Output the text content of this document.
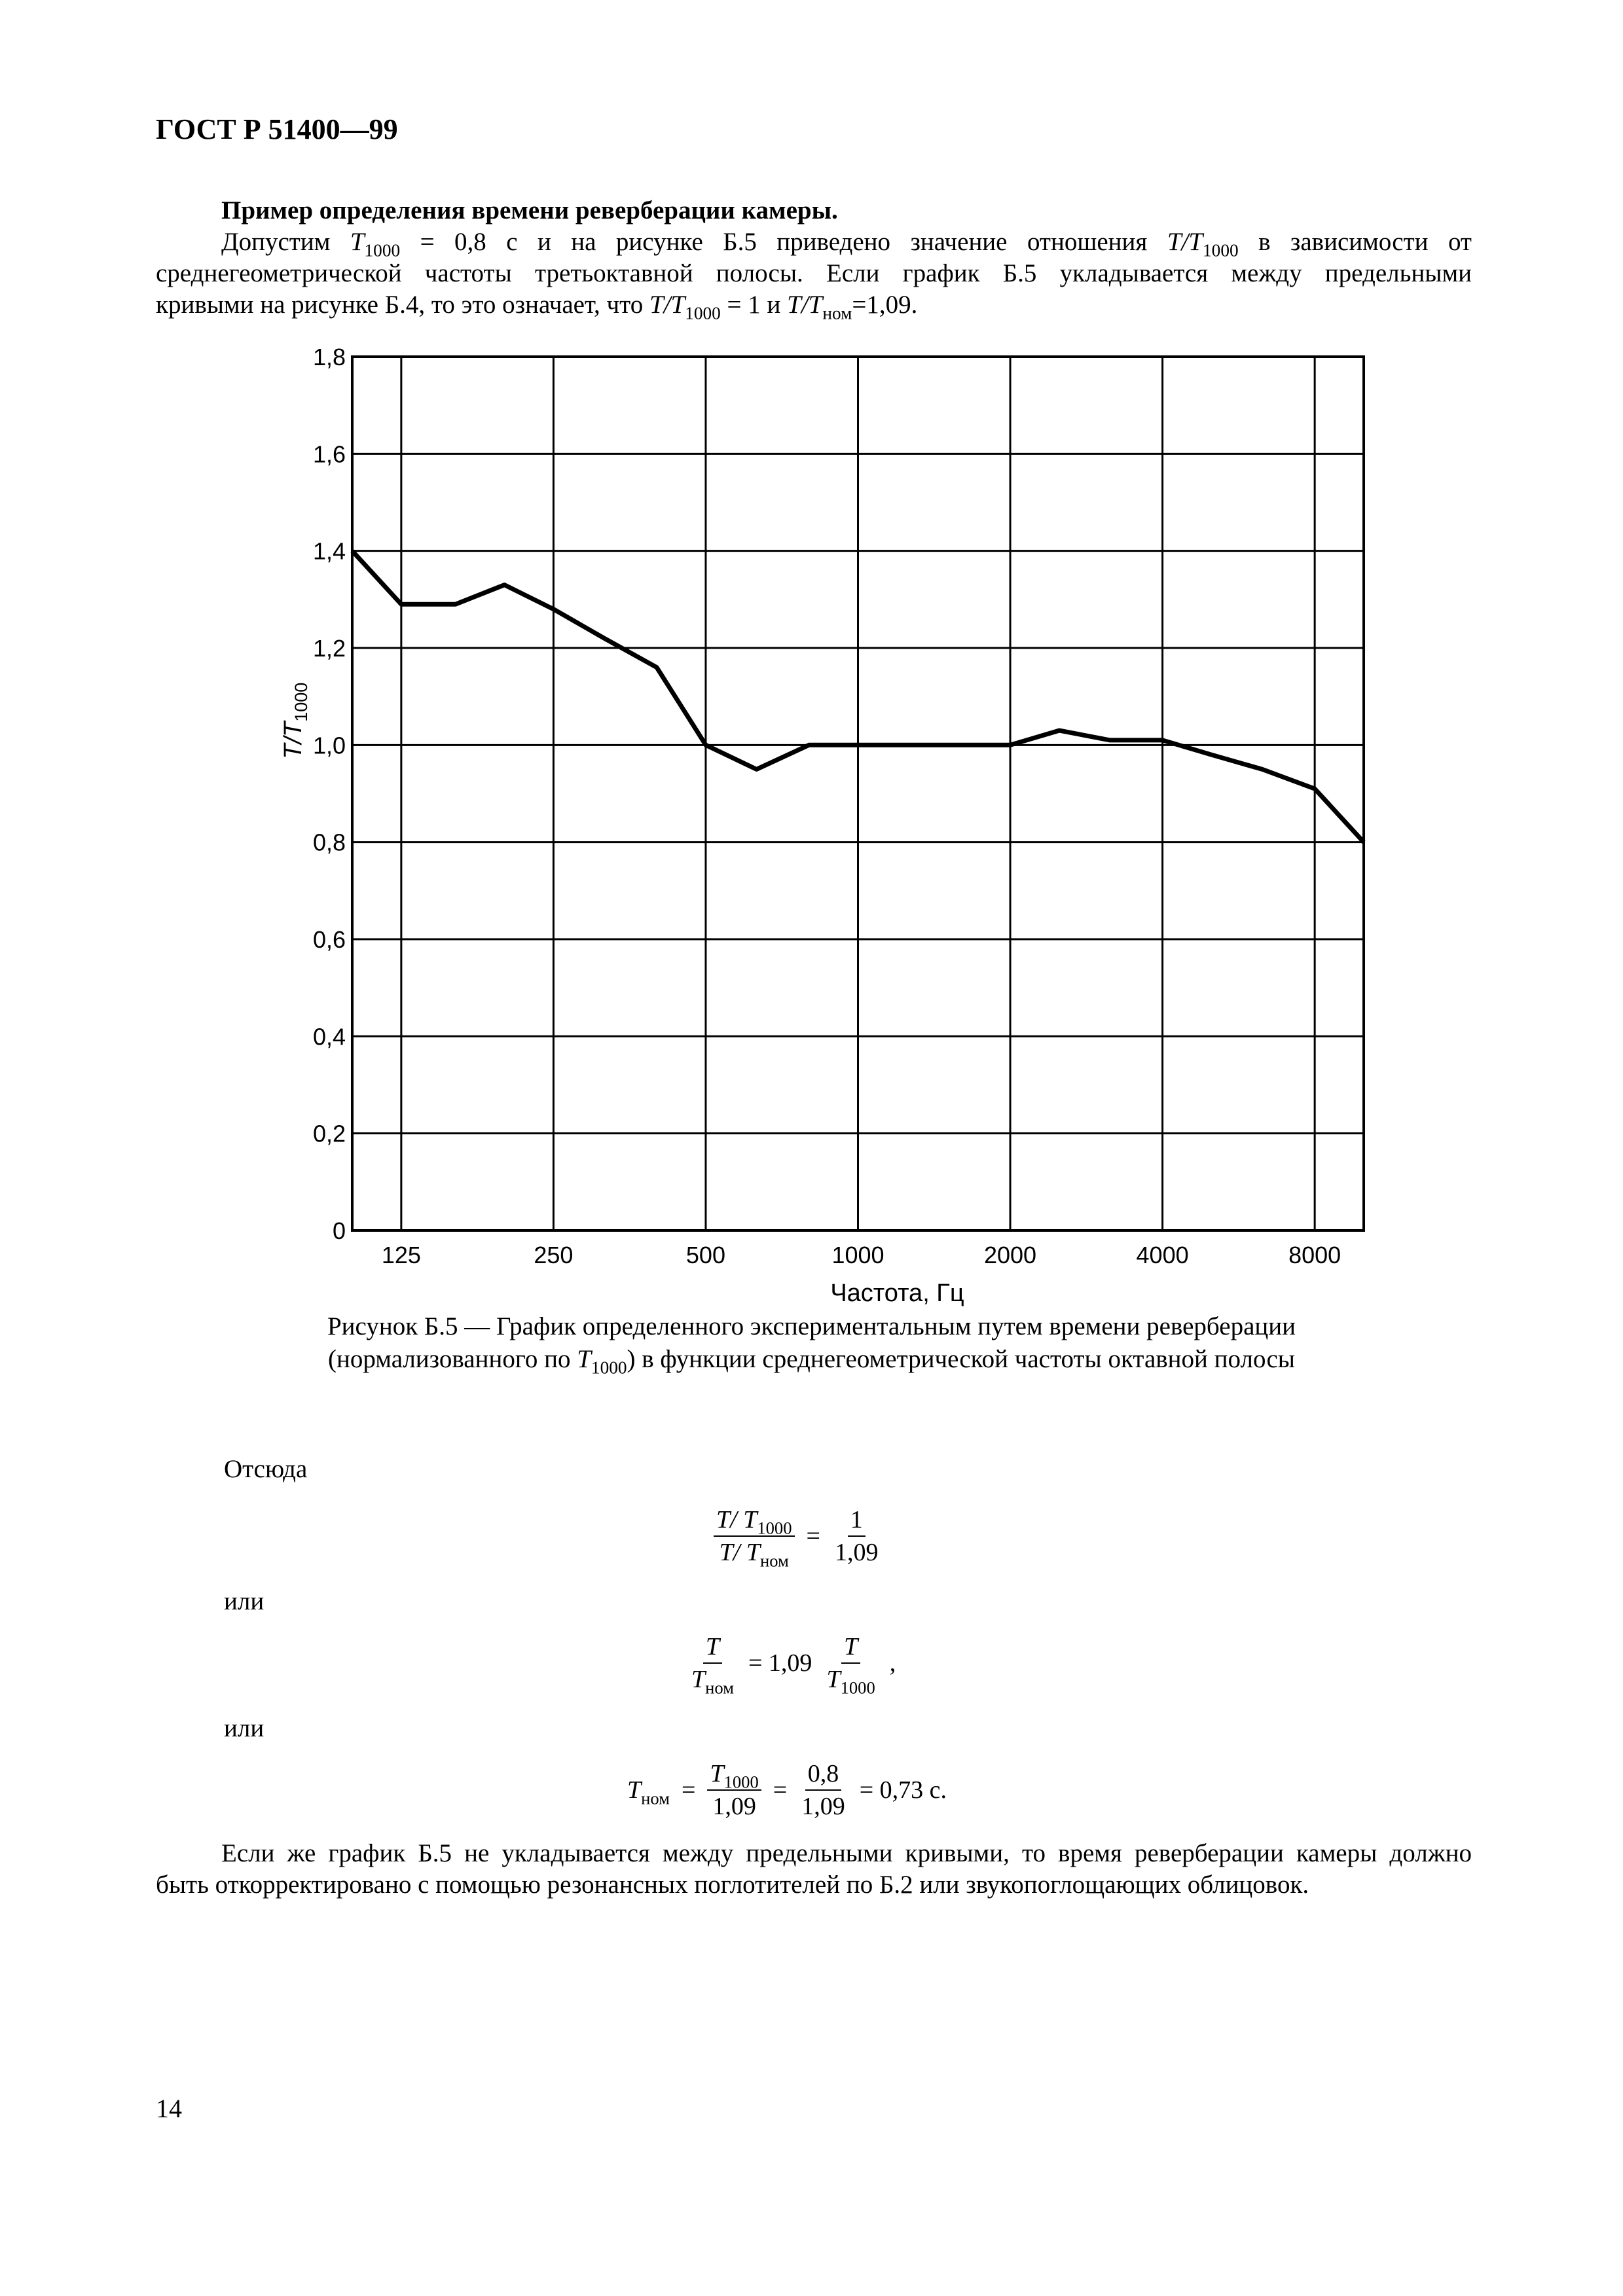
ГОСТ Р 51400—99
Пример определения времени реверберации камеры.
Допустим $T_{1000} = 0,8$ с и на рисунке Б.5 приведено значение отношения $T/T_{1000}$ в зависимости от
среднегеометрической частоты третьоктавной полосы. Если график Б.5 укладывается между предельными
кривыми на рисунке Б.4, то это означает, что $T/T_{1000} = 1$ и $T/T_{ном}=1,09$.
0
0,2
0,4
0,6
0,8
1,0
1,2
1,4
1,6
1,8
125	250	500	1000	2000	4000	8000
Частота, Гц
$T/T_{1000}$
Рисунок Б.5 — График определенного экспериментальным путем времени реверберации
(нормализованного по $T_{1000}$) в функции среднегеометрической частоты октавной полосы
Отсюда
$\frac{T/ T_{1000}}{T/ T_{ном}} = \frac{1}{1,09}$
или
$\frac{T}{T_{ном}} = 1,09 \frac{T}{T_{1000}}$ ,
или
$T_{ном} = \frac{T_{1000}}{1,09} = \frac{0,8}{1,09} = 0,73$ с.
Если же график Б.5 не укладывается между предельными кривыми, то время реверберации камеры должно
быть откорректировано с помощью резонансных поглотителей по Б.2 или звукопоглощающих облицовок.
14
